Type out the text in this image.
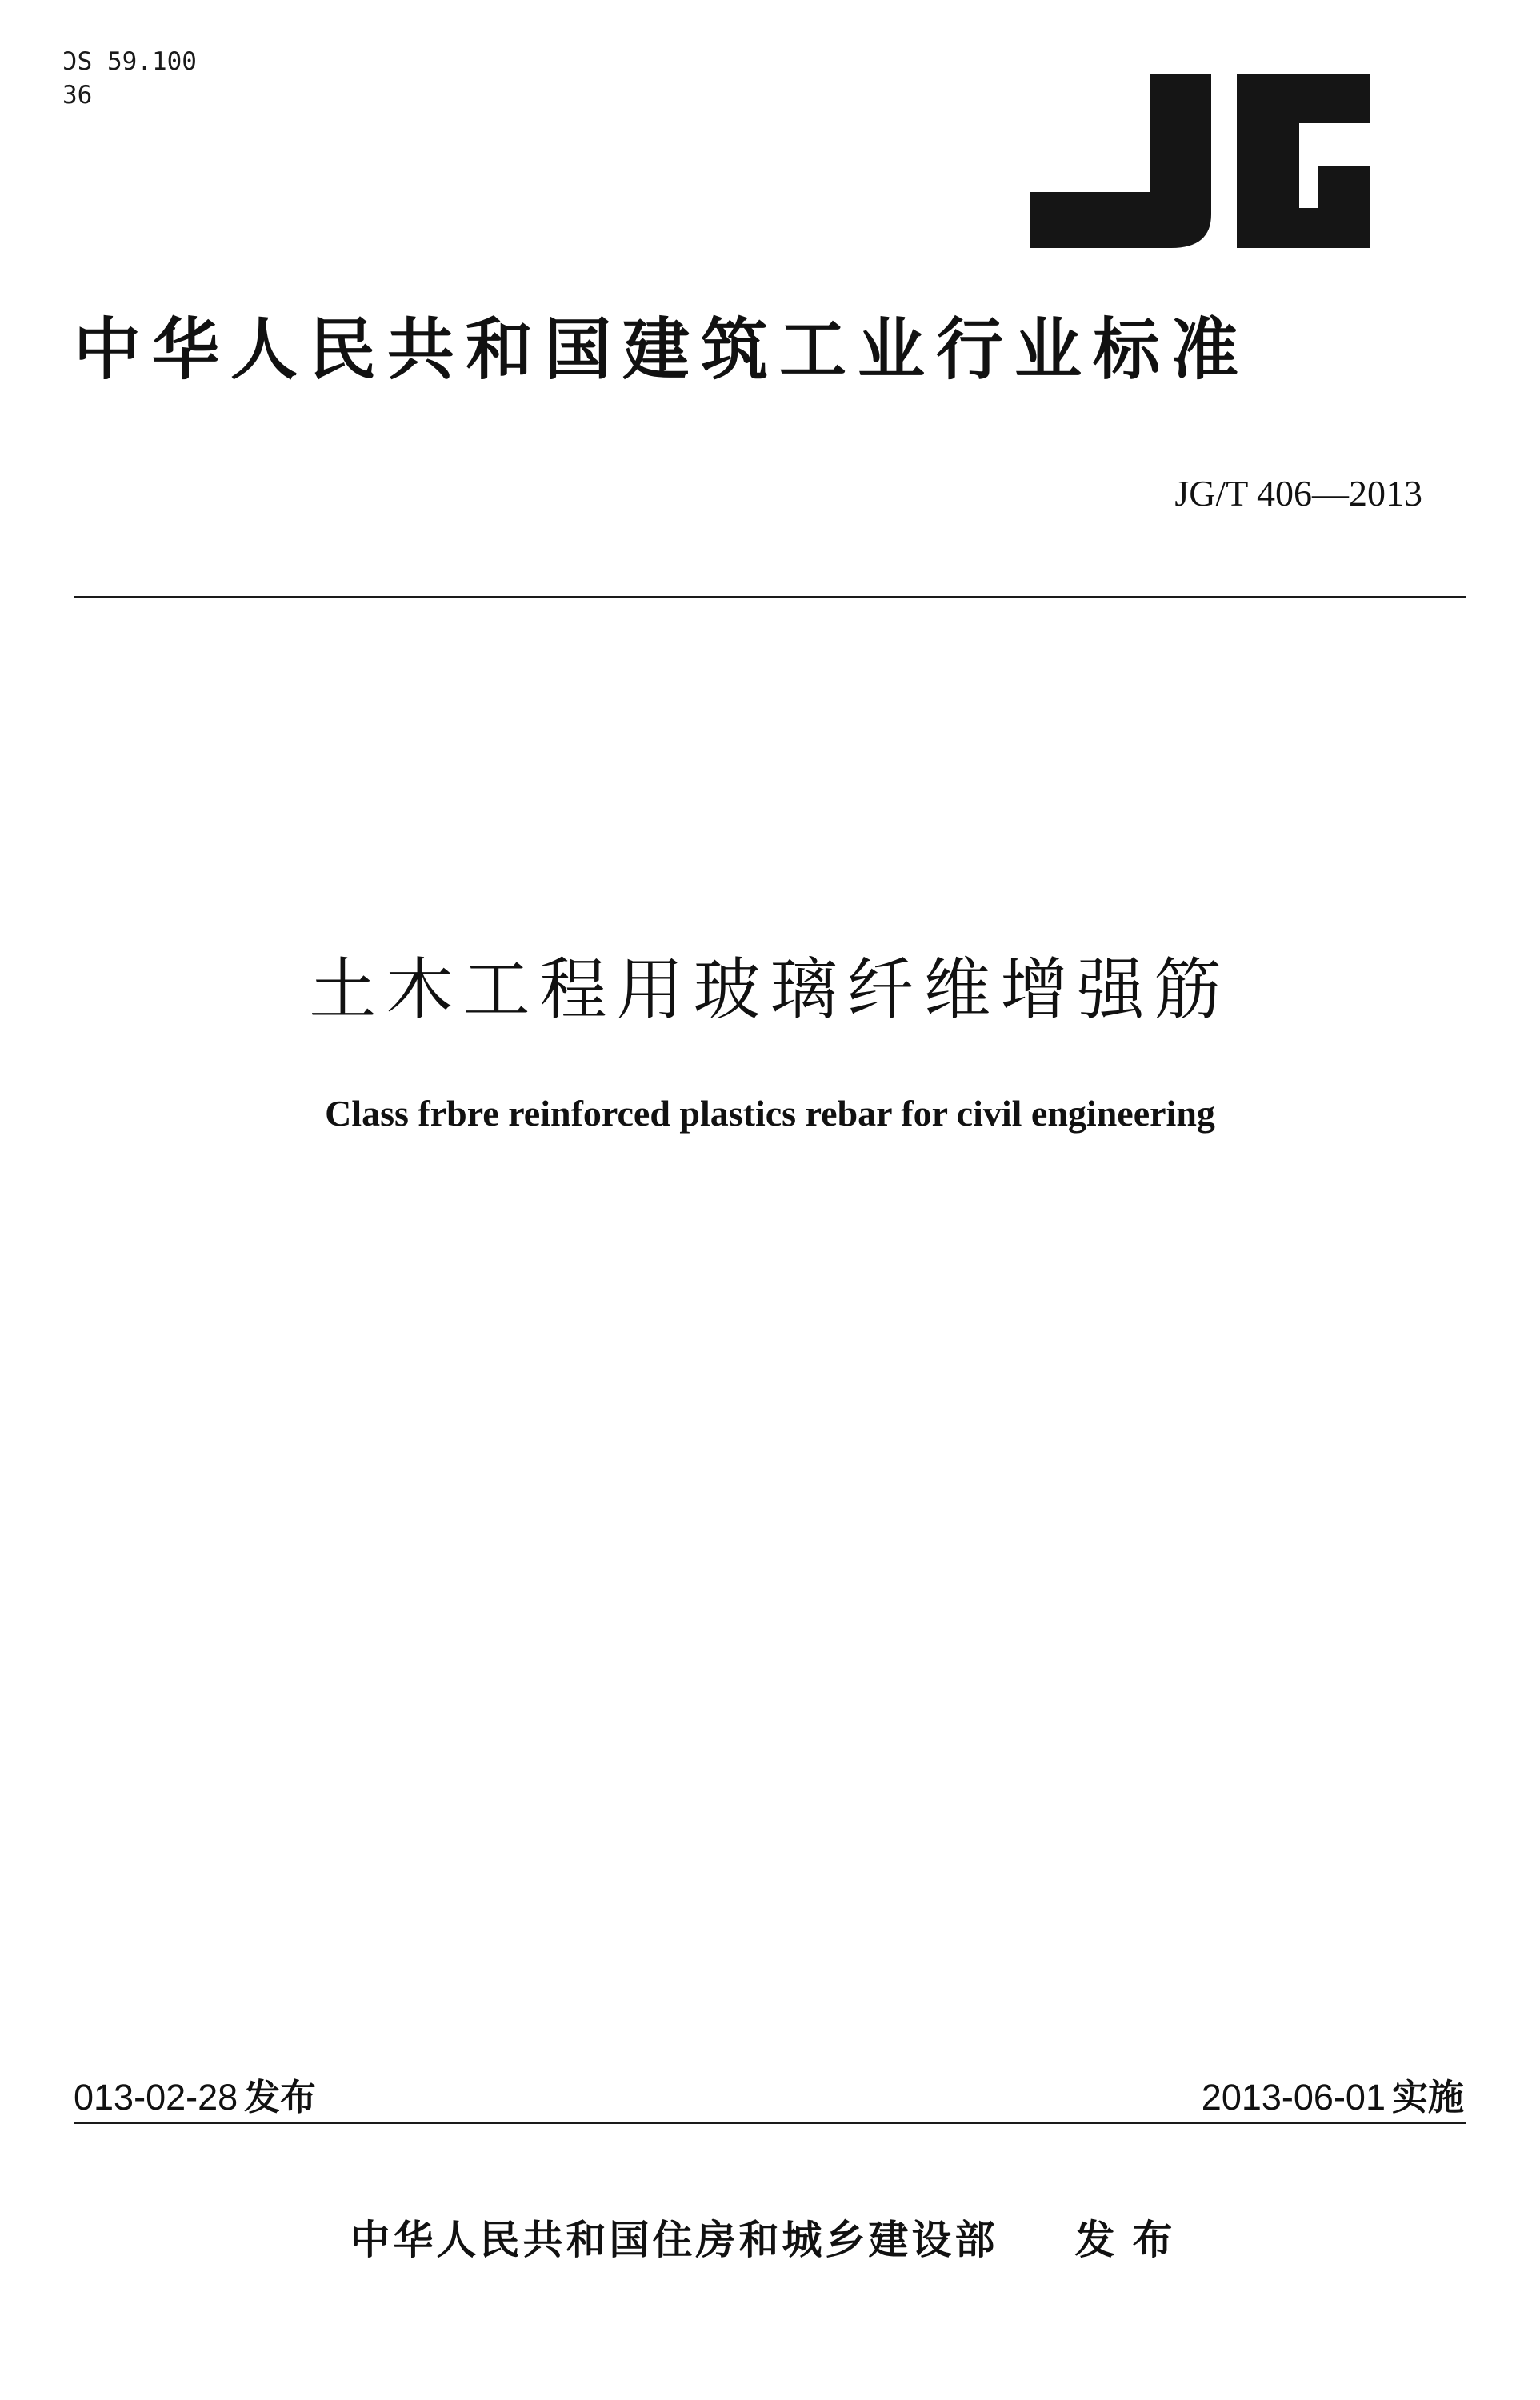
ƆS 59.100
36
中华人民共和国建筑工业行业标准
JG/T 406—2013
土木工程用玻璃纤维增强筋
Class frbre reinforced plastics rebar for civil engineering
013-02-28 发布	2013-06-01 实施
中华人民共和国住房和城乡建设部 发布
